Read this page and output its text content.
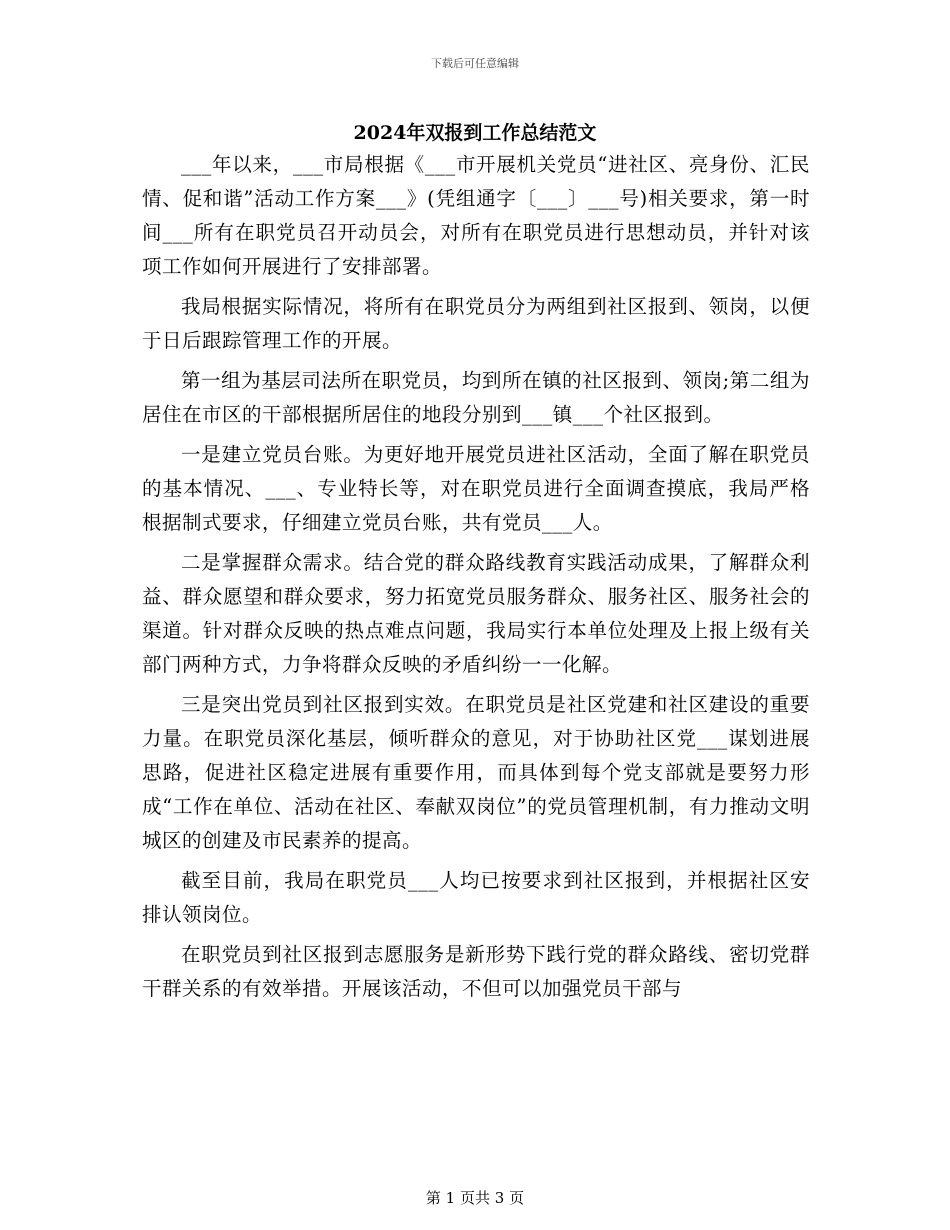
下载后可任意编辑
2024年双报到工作总结范文

___年以来，___市局根据《___市开展机关党员“进社区、亮身份、汇民情、促和谐”活动工作方案___》(凭组通字〔___〕___号)相关要求，第一时间___所有在职党员召开动员会，对所有在职党员进行思想动员，并针对该项工作如何开展进行了安排部署。

我局根据实际情况，将所有在职党员分为两组到社区报到、领岗，以便于日后跟踪管理工作的开展。

第一组为基层司法所在职党员，均到所在镇的社区报到、领岗;第二组为居住在市区的干部根据所居住的地段分别到___镇___个社区报到。

一是建立党员台账。为更好地开展党员进社区活动，全面了解在职党员的基本情况、___、专业特长等，对在职党员进行全面调查摸底，我局严格根据制式要求，仔细建立党员台账，共有党员___人。

二是掌握群众需求。结合党的群众路线教育实践活动成果，了解群众利益、群众愿望和群众要求，努力拓宽党员服务群众、服务社区、服务社会的渠道。针对群众反映的热点难点问题，我局实行本单位处理及上报上级有关部门两种方式，力争将群众反映的矛盾纠纷一一化解。

三是突出党员到社区报到实效。在职党员是社区党建和社区建设的重要力量。在职党员深化基层，倾听群众的意见，对于协助社区党___谋划进展思路，促进社区稳定进展有重要作用，而具体到每个党支部就是要努力形成“工作在单位、活动在社区、奉献双岗位”的党员管理机制，有力推动文明城区的创建及市民素养的提高。

截至目前，我局在职党员___人均已按要求到社区报到，并根据社区安排认领岗位。

在职党员到社区报到志愿服务是新形势下践行党的群众路线、密切党群干群关系的有效举措。开展该活动，不但可以加强党员干部与

第 1 页共 3 页
